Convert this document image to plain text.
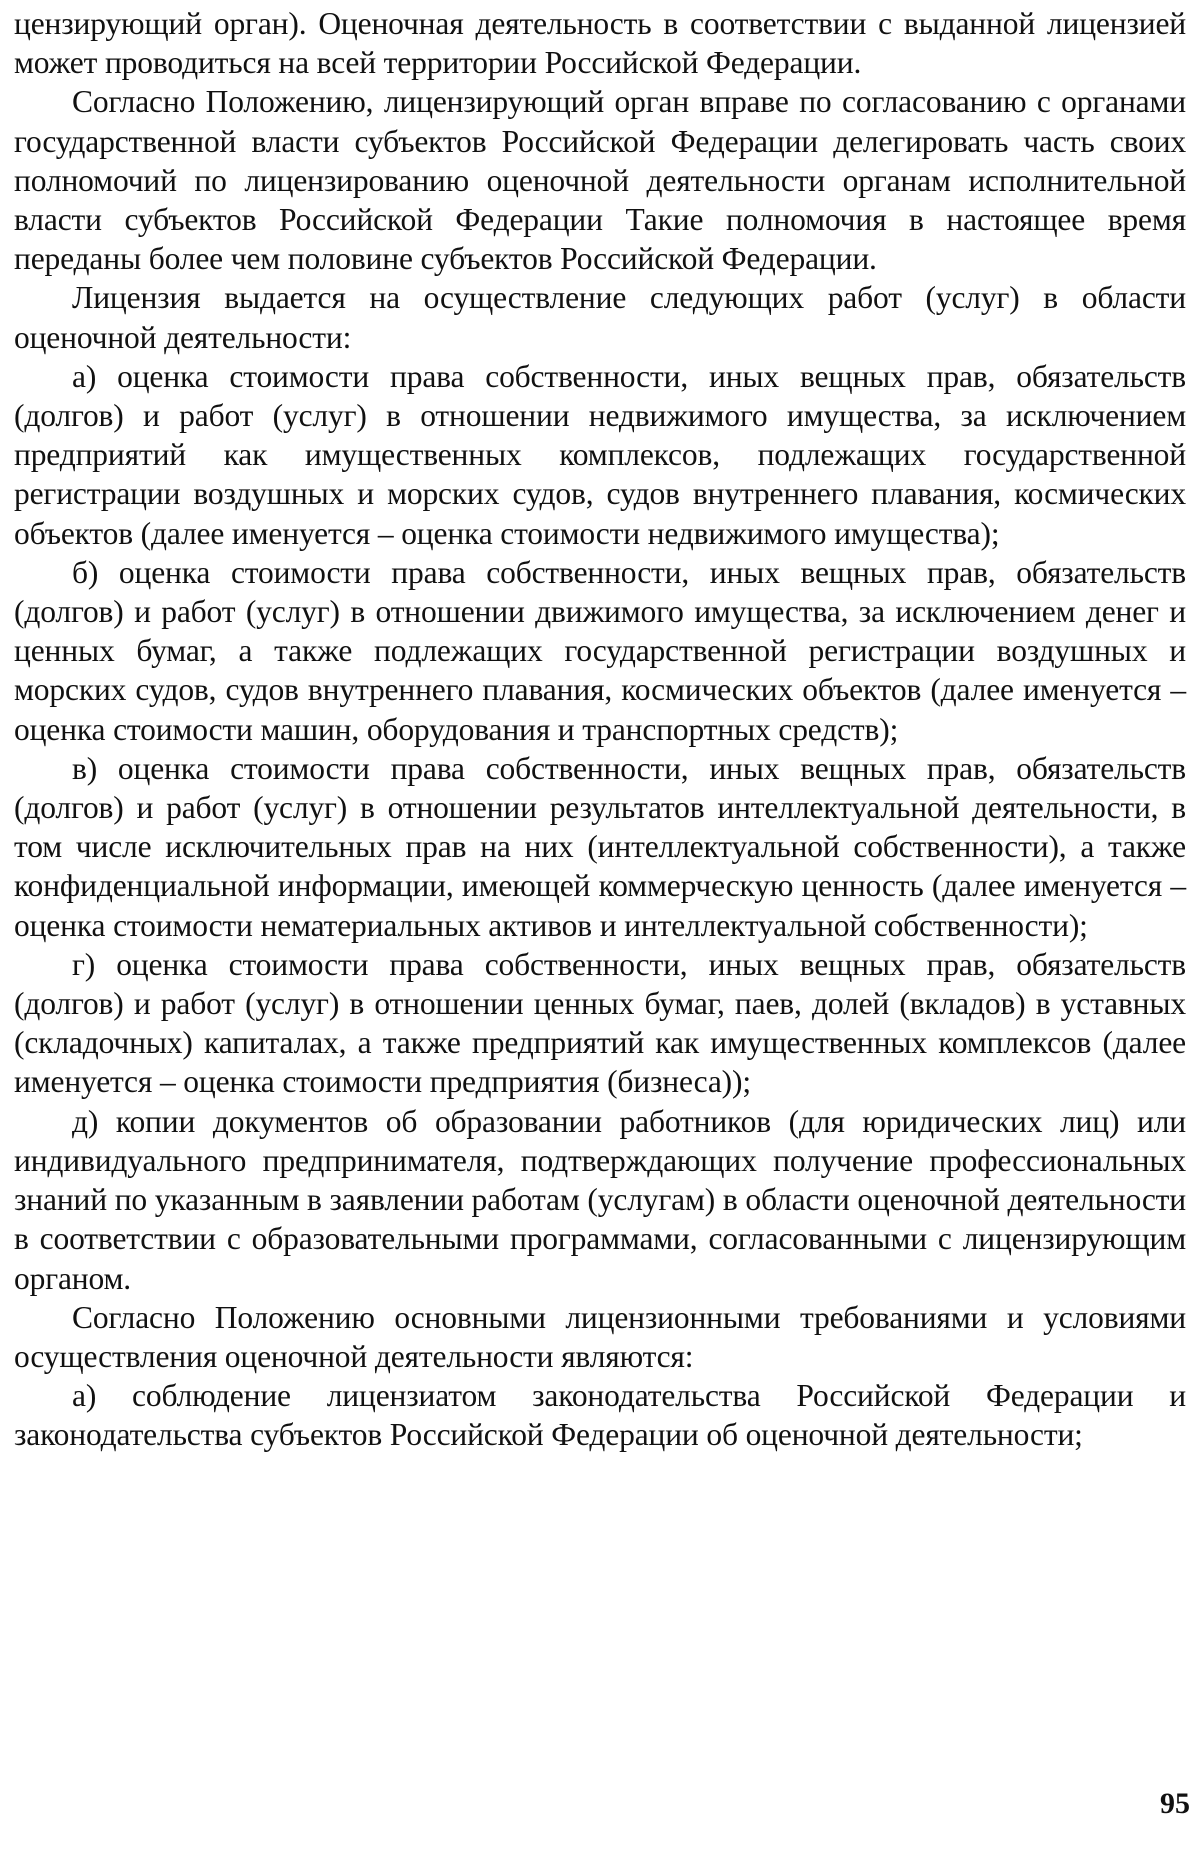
цензирующий орган). Оценочная деятельность в соответствии с выданной лицензией может проводиться на всей территории Российской Федерации.

Согласно Положению, лицензирующий орган вправе по согласованию с органами государственной власти субъектов Российской Федерации делегировать часть своих полномочий по лицензированию оценочной деятельности органам исполнительной власти субъектов Российской Федерации Такие полномочия в настоящее время переданы более чем половине субъектов Российской Федерации.

Лицензия выдается на осуществление следующих работ (услуг) в области оценочной деятельности:

а) оценка стоимости права собственности, иных вещных прав, обязательств (долгов) и работ (услуг) в отношении недвижимого имущества, за исключением предприятий как имущественных комплексов, подлежащих государственной регистрации воздушных и морских судов, судов внутреннего плавания, космических объектов (далее именуется – оценка стоимости недвижимого имущества);

б) оценка стоимости права собственности, иных вещных прав, обязательств (долгов) и работ (услуг) в отношении движимого имущества, за исключением денег и ценных бумаг, а также подлежащих государственной регистрации воздушных и морских судов, судов внутреннего плавания, космических объектов (далее именуется – оценка стоимости машин, оборудования и транспортных средств);

в) оценка стоимости права собственности, иных вещных прав, обязательств (долгов) и работ (услуг) в отношении результатов интеллектуальной деятельности, в том числе исключительных прав на них (интеллектуальной собственности), а также конфиденциальной информации, имеющей коммерческую ценность (далее именуется – оценка стоимости нематериальных активов и интеллектуальной собственности);

г) оценка стоимости права собственности, иных вещных прав, обязательств (долгов) и работ (услуг) в отношении ценных бумаг, паев, долей (вкладов) в уставных (складочных) капиталах, а также предприятий как имущественных комплексов (далее именуется – оценка стоимости предприятия (бизнеса));

д) копии документов об образовании работников (для юридических лиц) или индивидуального предпринимателя, подтверждающих получение профессиональных знаний по указанным в заявлении работам (услугам) в области оценочной деятельности в соответствии с образовательными программами, согласованными с лицензирующим органом.

Согласно Положению основными лицензионными требованиями и условиями осуществления оценочной деятельности являются:

а) соблюдение лицензиатом законодательства Российской Федерации и законодательства субъектов Российской Федерации об оценочной деятельности;

95
